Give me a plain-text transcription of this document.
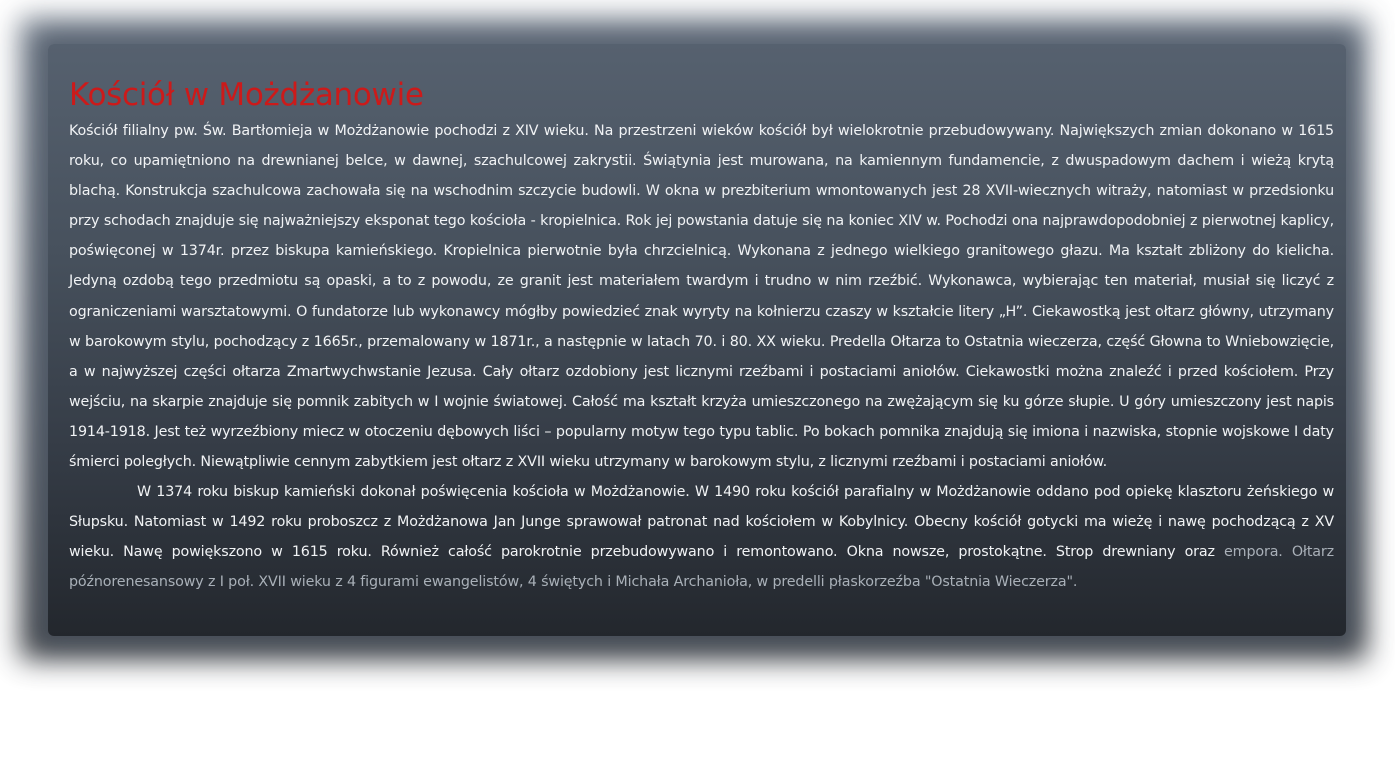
Kościół w Możdżanowie

Kościół filialny pw. Św. Bartłomieja w Możdżanowie pochodzi z XIV wieku. Na przestrzeni wieków kościół był wielokrotnie przebudowywany. Największych zmian dokonano w 1615 roku, co upamiętniono na drewnianej belce, w dawnej, szachulcowej zakrystii. Świątynia jest murowana, na kamiennym fundamencie, z dwuspadowym dachem i wieżą krytą blachą. Konstrukcja szachulcowa zachowała się na wschodnim szczycie budowli. W okna w prezbiterium wmontowanych jest 28 XVII-wiecznych witraży, natomiast w przedsionku przy schodach znajduje się najważniejszy eksponat tego kościoła - kropielnica. Rok jej powstania datuje się na koniec XIV w. Pochodzi ona najprawdopodobniej z pierwotnej kaplicy, poświęconej w 1374r. przez biskupa kamieńskiego. Kropielnica pierwotnie była chrzcielnicą. Wykonana z jednego wielkiego granitowego głazu. Ma kształt zbliżony do kielicha. Jedyną ozdobą tego przedmiotu są opaski, a to z powodu, ze granit jest materiałem twardym i trudno w nim rzeźbić. Wykonawca, wybierając ten materiał, musiał się liczyć z ograniczeniami warsztatowymi. O fundatorze lub wykonawcy mógłby powiedzieć znak wyryty na kołnierzu czaszy w kształcie litery „H”. Ciekawostką jest ołtarz główny, utrzymany w barokowym stylu, pochodzący z 1665r., przemalowany w 1871r., a następnie w latach 70. i 80. XX wieku. Predella Ołtarza to Ostatnia wieczerza, część Głowna to Wniebowzięcie, a w najwyższej części ołtarza Zmartwychwstanie Jezusa. Cały ołtarz ozdobiony jest licznymi rzeźbami i postaciami aniołów. Ciekawostki można znaleźć i przed kościołem. Przy wejściu, na skarpie znajduje się pomnik zabitych w I wojnie światowej. Całość ma kształt krzyża umieszczonego na zwężającym się ku górze słupie. U góry umieszczony jest napis 1914-1918. Jest też wyrzeźbiony miecz w otoczeniu dębowych liści – popularny motyw tego typu tablic. Po bokach pomnika znajdują się imiona i nazwiska, stopnie wojskowe I daty śmierci poległych. Niewątpliwie cennym zabytkiem jest ołtarz z XVII wieku utrzymany w barokowym stylu, z licznymi rzeźbami i postaciami aniołów.

W 1374 roku biskup kamieński dokonał poświęcenia kościoła w Możdżanowie. W 1490 roku kościół parafialny w Możdżanowie oddano pod opiekę klasztoru żeńskiego w Słupsku. Natomiast w 1492 roku proboszcz z Możdżanowa Jan Junge sprawował patronat nad kościołem w Kobylnicy. Obecny kościół gotycki ma wieżę i nawę pochodzącą z XV wieku. Nawę powiększono w 1615 roku. Również całość parokrotnie przebudowywano i remontowano. Okna nowsze, prostokątne. Strop drewniany oraz empora. Ołtarz późnorenesansowy z I poł. XVII wieku z 4 figurami ewangelistów, 4 świętych i Michała Archanioła, w predelli płaskorzeźba "Ostatnia Wieczerza".
